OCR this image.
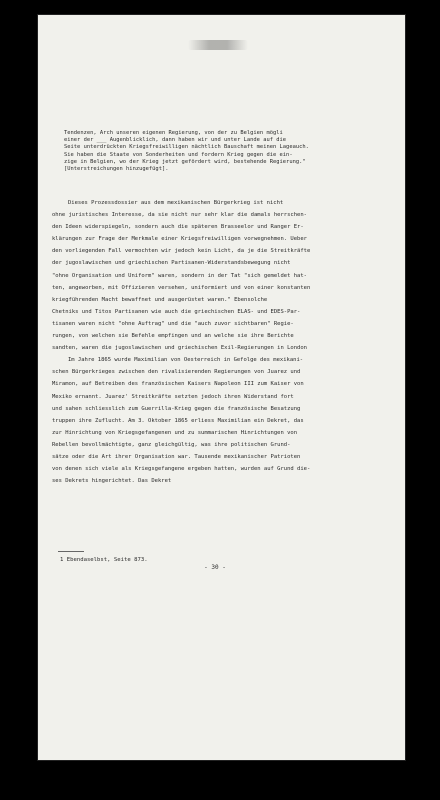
Tendenzen, Arch unseren eigenen Regierung, von der zu Belgien mögli
einer der ___ Augenblicklich, dann haben wir und unter Lande auf die
Seite unterdrückten Kriegsfreiwilligen nächtlich Bauschaft meinen Lageauch.
Sie haben die Staate von Sonderheiten und fordern Krieg gegen die ein-
zige in Belgien, wo der Krieg jetzt gefördert wird, bestehende Regierung."
[Unterstreichungen hinzugefügt].
Dieses Prozessdossier aus dem mexikanischen Bürgerkrieg ist nicht
ohne juristisches Interesse, da sie nicht nur sehr klar die damals herrschen-
den Ideen widerspiegeln, sondern auch die späteren Brasseelor und Ranger Er-
klärungen zur Frage der Merkmale einer Kriegsfreiwilligen vorwegnehmen. Ueber
den vorliegenden Fall vermochten wir jedoch kein Licht, da je die Streitkräfte
der jugoslawischen und griechischen Partisanen-Widerstandsbewegung nicht
"ohne Organisation und Uniform" waren, sondern in der Tat "sich gemeldet hat-
ten, angeworben, mit Offizieren versehen, uniformiert und von einer konstanten
kriegführenden Macht bewaffnet und ausgerüstet waren." Ebensolche
Chetniks und Titos Partisanen wie auch die griechischen ELAS- und EDES-Par-
tisanen waren nicht "ohne Auftrag" und die "auch zuvor sichtbaren" Regie-
rungen, von welchen sie Befehle empfingen und an welche sie ihre Berichte
sandten, waren die jugoslawischen und griechischen Exil-Regierungen in London
Im Jahre 1865 wurde Maximilian von Oesterreich in Gefolge des mexikani-
schen Bürgerkrieges zwischen den rivalisierenden Regierungen von Juarez und
Miramon, auf Betreiben des französischen Kaisers Napoleon III zum Kaiser von
Mexiko ernannt. Juarez' Streitkräfte setzten jedoch ihren Widerstand fort
und sahen schliesslich zum Guerrilla-Krieg gegen die französische Besatzung
truppen ihre Zuflucht. Am 3. Oktober 1865 erliess Maximilian ein Dekret, das
zur Hinrichtung von Kriegsgefangenen und zu summarischen Hinrichtungen von
Rebellen bevollmächtigte, ganz gleichgültig, was ihre politischen Grund-
sätze oder die Art ihrer Organisation war. Tausende mexikanischer Patrioten
von denen sich viele als Kriegsgefangene ergeben hatten, wurden auf Grund die-
ses Dekrets hingerichtet. Das Dekret
1 Ebendaselbst, Seite 873.
- 30 -
